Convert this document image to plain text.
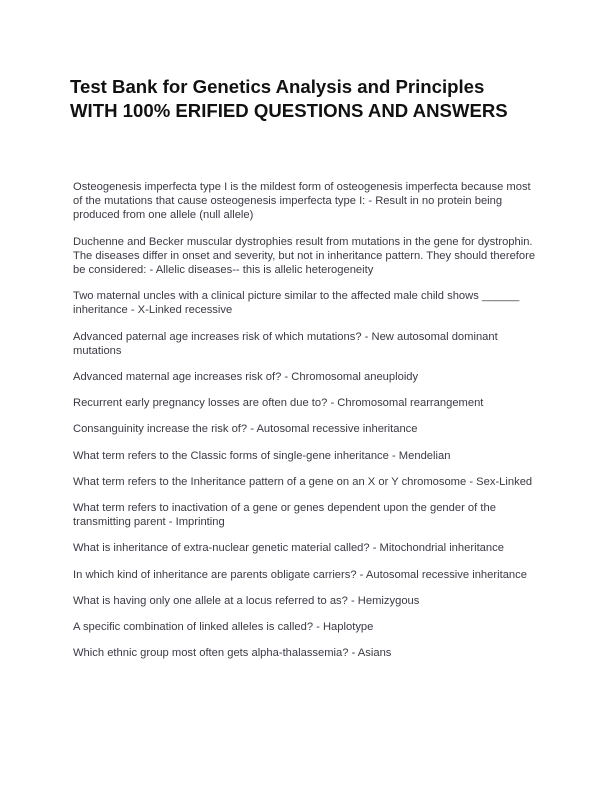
Test Bank for Genetics Analysis and Principles
WITH 100% ERIFIED QUESTIONS AND ANSWERS

Osteogenesis imperfecta type I is the mildest form of osteogenesis imperfecta because most of the mutations that cause osteogenesis imperfecta type I: - Result in no protein being produced from one allele (null allele)

Duchenne and Becker muscular dystrophies result from mutations in the gene for dystrophin. The diseases differ in onset and severity, but not in inheritance pattern. They should therefore be considered: - Allelic diseases-- this is allelic heterogeneity

Two maternal uncles with a clinical picture similar to the affected male child shows ______ inheritance - X-Linked recessive

Advanced paternal age increases risk of which mutations? - New autosomal dominant mutations

Advanced maternal age increases risk of? - Chromosomal aneuploidy

Recurrent early pregnancy losses are often due to? - Chromosomal rearrangement

Consanguinity increase the risk of? - Autosomal recessive inheritance

What term refers to the Classic forms of single-gene inheritance - Mendelian

What term refers to the Inheritance pattern of a gene on an X or Y chromosome - Sex-Linked

What term refers to inactivation of a gene or genes dependent upon the gender of the transmitting parent - Imprinting

What is inheritance of extra-nuclear genetic material called? - Mitochondrial inheritance

In which kind of inheritance are parents obligate carriers? - Autosomal recessive inheritance

What is having only one allele at a locus referred to as? - Hemizygous

A specific combination of linked alleles is called? - Haplotype

Which ethnic group most often gets alpha-thalassemia? - Asians
